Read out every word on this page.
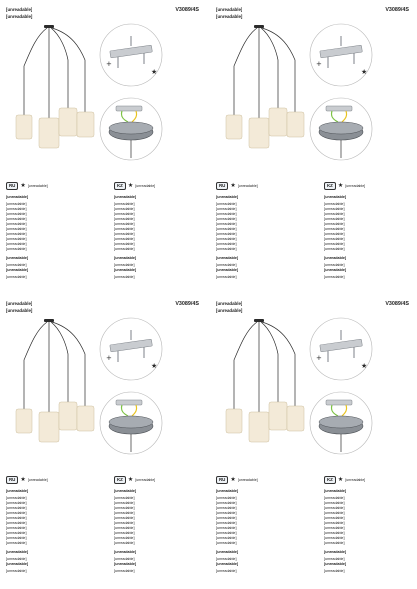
[unreadable]	V3089/4S
[unreadable]
+
★
RU ★ [unreadable]	KZ ★ [unreadable]
[unreadable]
[unreadable]
[unreadable]
[unreadable]
[unreadable]
[unreadable]
[unreadable]
[unreadable]
[unreadable]
[unreadable]
[unreadable]
[unreadable]
[unreadable]
[unreadable]
[unreadable]
[unreadable]
[unreadable]
[unreadable]
[unreadable]
[unreadable]
[unreadable]
[unreadable]
[unreadable]
[unreadable]
[unreadable]
[unreadable]
[unreadable]
[unreadable]
[unreadable]
[unreadable]
[unreadable]	V3089/4S
[unreadable]
+
★
RU ★ [unreadable]	KZ ★ [unreadable]
[unreadable]
[unreadable]
[unreadable]
[unreadable]
[unreadable]
[unreadable]
[unreadable]
[unreadable]
[unreadable]
[unreadable]
[unreadable]
[unreadable]
[unreadable]
[unreadable]
[unreadable]
[unreadable]
[unreadable]
[unreadable]
[unreadable]
[unreadable]
[unreadable]
[unreadable]
[unreadable]
[unreadable]
[unreadable]
[unreadable]
[unreadable]
[unreadable]
[unreadable]
[unreadable]
[unreadable]	V3089/4S
[unreadable]
+
★
RU ★ [unreadable]	KZ ★ [unreadable]
[unreadable]
[unreadable]
[unreadable]
[unreadable]
[unreadable]
[unreadable]
[unreadable]
[unreadable]
[unreadable]
[unreadable]
[unreadable]
[unreadable]
[unreadable]
[unreadable]
[unreadable]
[unreadable]
[unreadable]
[unreadable]
[unreadable]
[unreadable]
[unreadable]
[unreadable]
[unreadable]
[unreadable]
[unreadable]
[unreadable]
[unreadable]
[unreadable]
[unreadable]
[unreadable]
[unreadable]	V3089/4S
[unreadable]
+
★
RU ★ [unreadable]	KZ ★ [unreadable]
[unreadable]
[unreadable]
[unreadable]
[unreadable]
[unreadable]
[unreadable]
[unreadable]
[unreadable]
[unreadable]
[unreadable]
[unreadable]
[unreadable]
[unreadable]
[unreadable]
[unreadable]
[unreadable]
[unreadable]
[unreadable]
[unreadable]
[unreadable]
[unreadable]
[unreadable]
[unreadable]
[unreadable]
[unreadable]
[unreadable]
[unreadable]
[unreadable]
[unreadable]
[unreadable]
